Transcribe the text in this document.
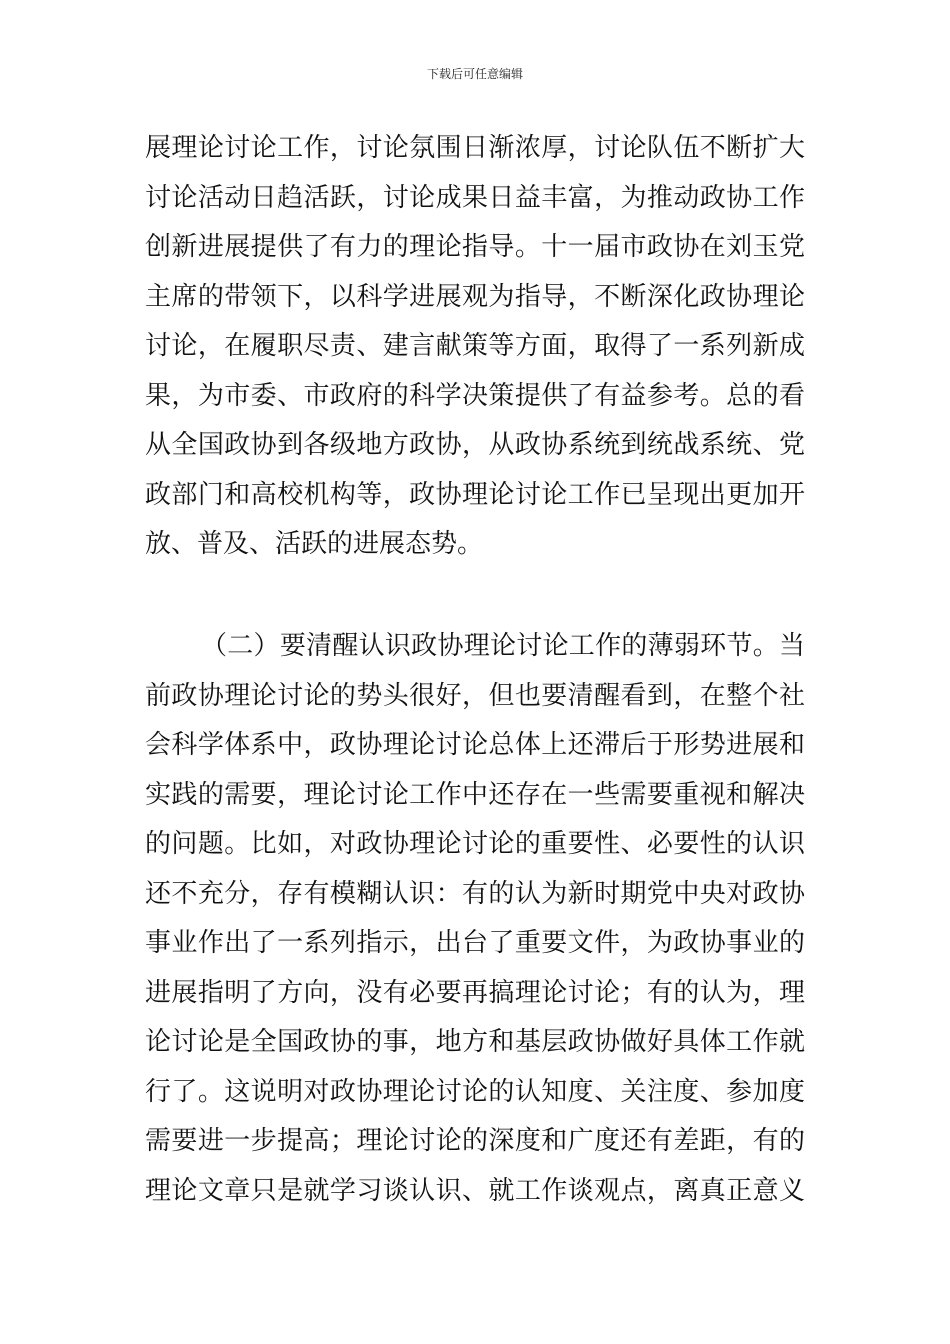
下载后可任意编辑
展理论讨论工作，讨论氛围日渐浓厚，讨论队伍不断扩大
讨论活动日趋活跃，讨论成果日益丰富，为推动政协工作
创新进展提供了有力的理论指导。十一届市政协在刘玉党
主席的带领下，以科学进展观为指导，不断深化政协理论
讨论，在履职尽责、建言献策等方面，取得了一系列新成
果，为市委、市政府的科学决策提供了有益参考。总的看
从全国政协到各级地方政协，从政协系统到统战系统、党
政部门和高校机构等，政协理论讨论工作已呈现出更加开
放、普及、活跃的进展态势。
（二）要清醒认识政协理论讨论工作的薄弱环节。当
前政协理论讨论的势头很好，但也要清醒看到，在整个社
会科学体系中，政协理论讨论总体上还滞后于形势进展和
实践的需要，理论讨论工作中还存在一些需要重视和解决
的问题。比如，对政协理论讨论的重要性、必要性的认识
还不充分，存有模糊认识：有的认为新时期党中央对政协
事业作出了一系列指示，出台了重要文件，为政协事业的
进展指明了方向，没有必要再搞理论讨论；有的认为，理
论讨论是全国政协的事，地方和基层政协做好具体工作就
行了。这说明对政协理论讨论的认知度、关注度、参加度
需要进一步提高；理论讨论的深度和广度还有差距，有的
理论文章只是就学习谈认识、就工作谈观点，离真正意义
